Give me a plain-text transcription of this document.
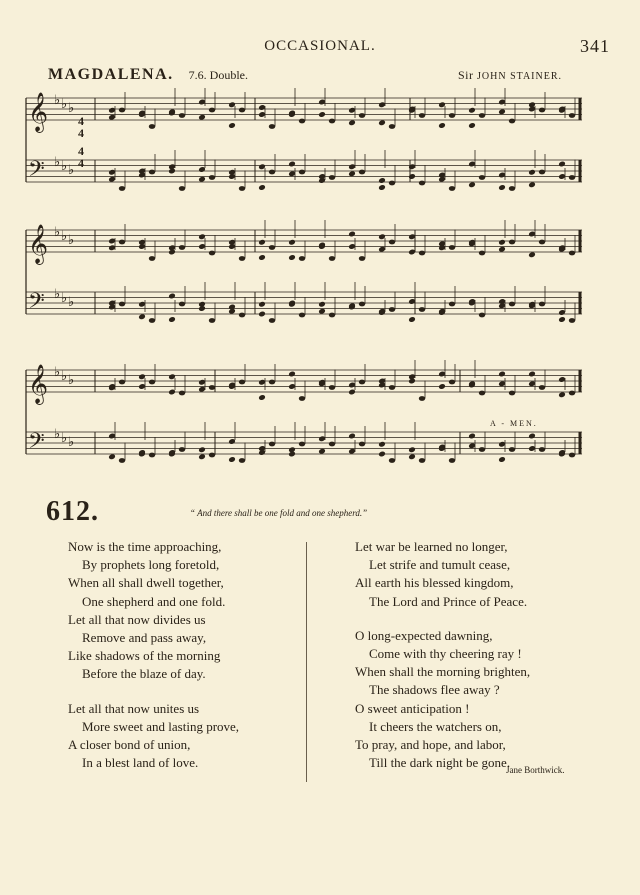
OCCASIONAL.	341
MAGDALENA. 7.6. Double.	Sir JOHN STAINER.
𝄞 ♭ ♭ ♭
𝄢 ♭ ♭ ♭
𝄞 ♭ ♭ ♭
𝄢 ♭ ♭ ♭
𝄞 ♭ ♭ ♭
𝄢 ♭ ♭ ♭
4
4
4
4
A - MEN.
612.	“ And there shall be one fold and one shepherd.”
Now is the time approaching,
By prophets long foretold,
When all shall dwell together,
One shepherd and one fold.
Let all that now divides us
Remove and pass away,
Like shadows of the morning
Before the blaze of day.
Let all that now unites us
More sweet and lasting prove,
A closer bond of union,
In a blest land of love.
Let war be learned no longer,
Let strife and tumult cease,
All earth his blessed kingdom,
The Lord and Prince of Peace.
O long-expected dawning,
Come with thy cheering ray !
When shall the morning brighten,
The shadows flee away ?
O sweet anticipation !
It cheers the watchers on,
To pray, and hope, and labor,
Till the dark night be gone.
Jane Borthwick.
